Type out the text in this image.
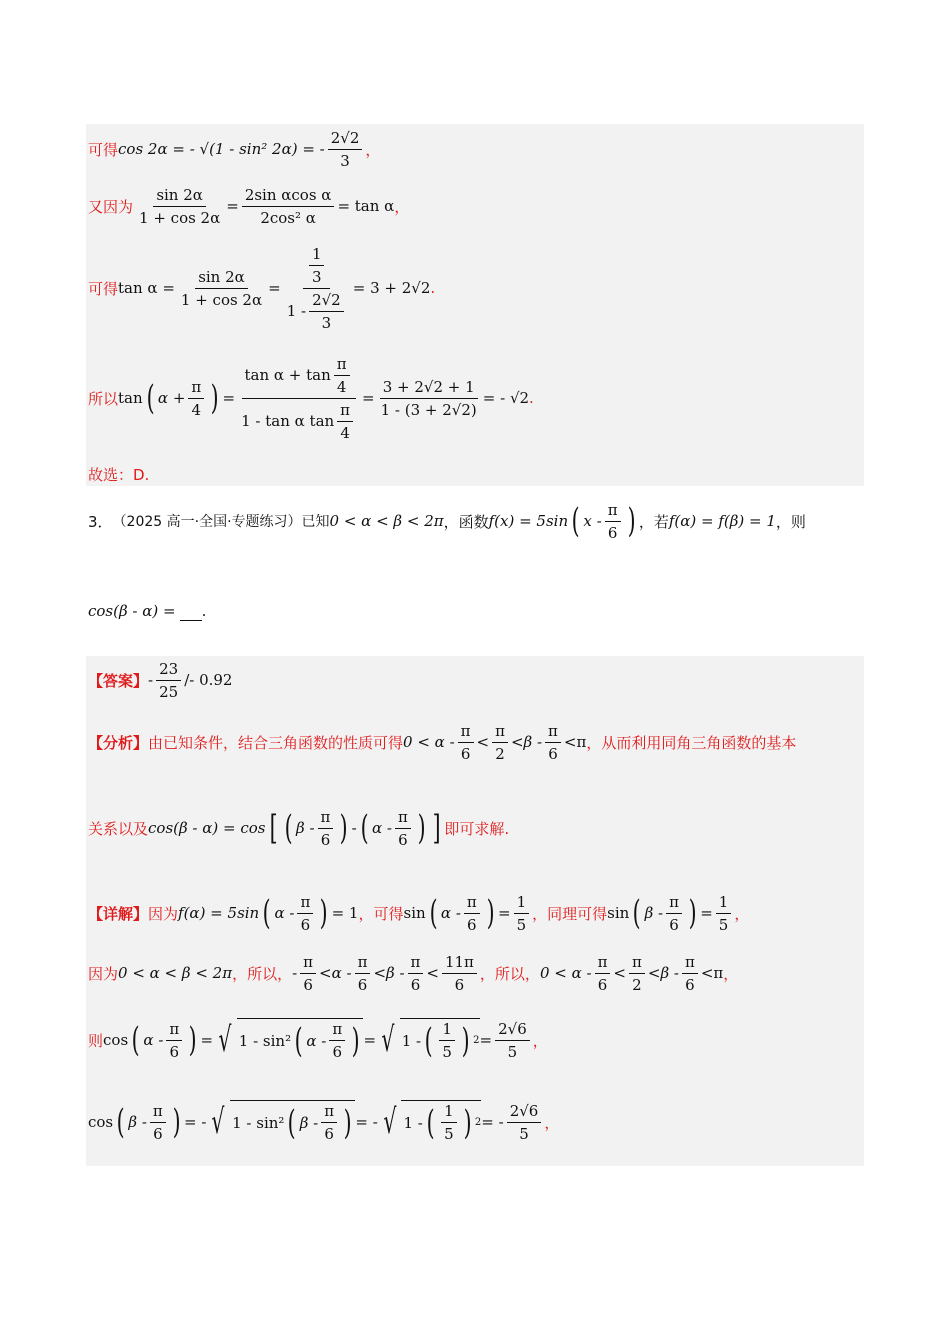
可得 cos 2α = - √(1 - sin² 2α) = - $\frac{2√2}{3}$ ，
又因为 $\frac{\sin 2\alpha}{1 + \cos 2\alpha} = \frac{\text{2sin αcos α}}{\text{2cos² α}} = \tan \alpha$ ，
可得 $\tan \alpha = \frac{\sin 2\alpha}{1 + \cos 2\alpha} = \frac{\frac{1}{3}}{1 - \frac{2√2}{3}} = 3 + 2√2$ .
所以 tan ( $\alpha + \frac{\pi}{4}$ ) = $\frac{\tan \alpha + \tan \frac{\pi}{4}}{1 - \tan \alpha \tan \frac{\pi}{4}} = \frac{3 + 2√2 + 1}{1 - (3 + 2√2)}$ = - √2 .
故选：D.
3． （2025 高一·全国·专题练习）已知 0 < α < β < 2π ，函数 f(x) = 5sin ( x - $\frac{\pi}{6}$ ) ，若 f(α) = f(β) = 1 ，则
cos(β - α) = .
【答案】 - $\frac{23}{25} /- 0.92$
【分析】 由已知条件，结合三角函数的性质可得 $0 < \alpha - \frac{\pi}{6} < \frac{\pi}{2} < \beta - \frac{\pi}{6} < \pi$ ，从而利用同角三角函数的基本
关系以及 cos(β - α) = cos [ ( β - $\frac{\pi}{6}$ ) - ( α - $\frac{\pi}{6}$ ) ] 即可求解.
【详解】 因为 f(α) = 5sin ( α - $\frac{\pi}{6}$ ) = 1 ，可得 sin ( α - $\frac{\pi}{6}$ ) = $\frac{1}{5}$ ，同理可得 sin ( β - $\frac{\pi}{6}$ ) = $\frac{1}{5}$ ，
因为 0 < α < β < 2π ，所以， - $\frac{\pi}{6} < \alpha - \frac{\pi}{6} < \beta - \frac{\pi}{6} < \frac{11\pi}{6}$ ，所以， $0 < \alpha - \frac{\pi}{6} < \frac{\pi}{2} < \beta - \frac{\pi}{6} < \pi$ ，
则 cos ( α - $\frac{\pi}{6}$ ) = √ 1 - sin² ( α - $\frac{\pi}{6}$ ) = √ 1 - ( $\frac{1}{5}$ ) $2 = \frac{2√6}{5}$ ，
cos ( β - $\frac{\pi}{6}$ ) = - √ 1 - sin² ( β - $\frac{\pi}{6}$ ) = - √ 1 - ( $\frac{1}{5}$ ) 2 = - $\frac{2√6}{5}$ ，
